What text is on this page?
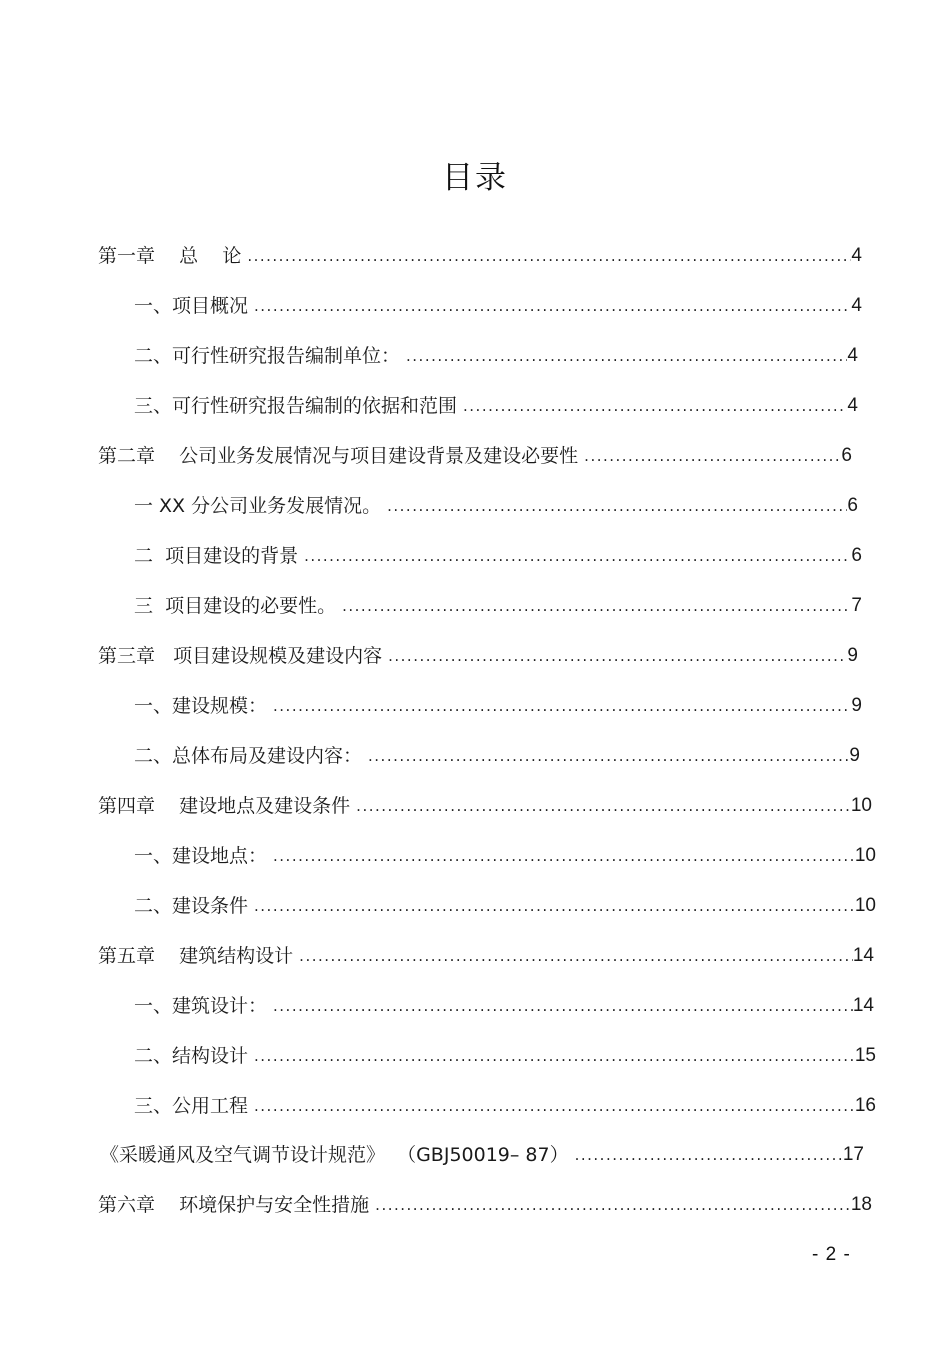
目录
第一章    总    论 .....	4
一、项目概况 .....	4
二、可行性研究报告编制单位： .....	4
三、可行性研究报告编制的依据和范围 .....	4
第二章    公司业务发展情况与项目建设背景及建设必要性 .....	6
一 XX 分公司业务发展情况。 .....	6
二  项目建设的背景 .....	6
三  项目建设的必要性。 .....	7
第三章   项目建设规模及建设内容 .....	9
一、建设规模： .....	9
二、总体布局及建设内容： .....	9
第四章    建设地点及建设条件 .....	10
一、建设地点： .....	10
二、建设条件 .....	10
第五章    建筑结构设计 .....	14
一、建筑设计： .....	14
二、结构设计 .....	15
三、公用工程 .....	16
《采暖通风及空气调节设计规范》  （GBJ50019– 87） .....	17
第六章    环境保护与安全性措施 .....	18
- 2 -
